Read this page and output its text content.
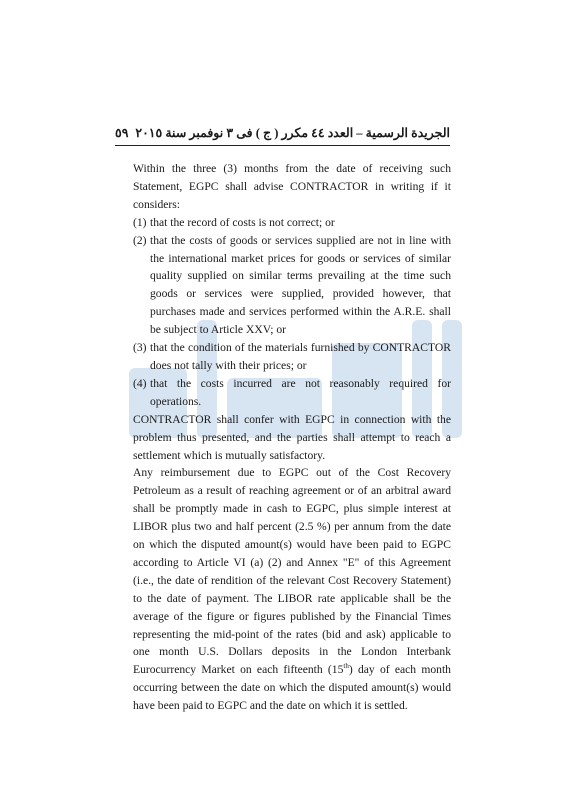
٥٩ الجريدة الرسمية – العدد ٤٤ مكرر ( ج ) فى ٣ نوفمبر سنة ٢٠١٥

Within the three (3) months from the date of receiving such Statement, EGPC shall advise CONTRACTOR in writing if it considers:

(1) that the record of costs is not correct; or
(2) that the costs of goods or services supplied are not in line with the international market prices for goods or services of similar quality supplied on similar terms prevailing at the time such goods or services were supplied, provided however, that purchases made and services performed within the A.R.E. shall be subject to Article XXV; or
(3) that the condition of the materials furnished by CONTRACTOR does not tally with their prices; or
(4) that the costs incurred are not reasonably required for operations.

CONTRACTOR shall confer with EGPC in connection with the problem thus presented, and the parties shall attempt to reach a settlement which is mutually satisfactory.

Any reimbursement due to EGPC out of the Cost Recovery Petroleum as a result of reaching agreement or of an arbitral award shall be promptly made in cash to EGPC, plus simple interest at LIBOR plus two and half percent (2.5 %) per annum from the date on which the disputed amount(s) would have been paid to EGPC according to Article VI (a) (2) and Annex "E" of this Agreement (i.e., the date of rendition of the relevant Cost Recovery Statement) to the date of payment. The LIBOR rate applicable shall be the average of the figure or figures published by the Financial Times representing the mid-point of the rates (bid and ask) applicable to one month U.S. Dollars deposits in the London Interbank Eurocurrency Market on each fifteenth (15th) day of each month occurring between the date on which the disputed amount(s) would have been paid to EGPC and the date on which it is settled.
